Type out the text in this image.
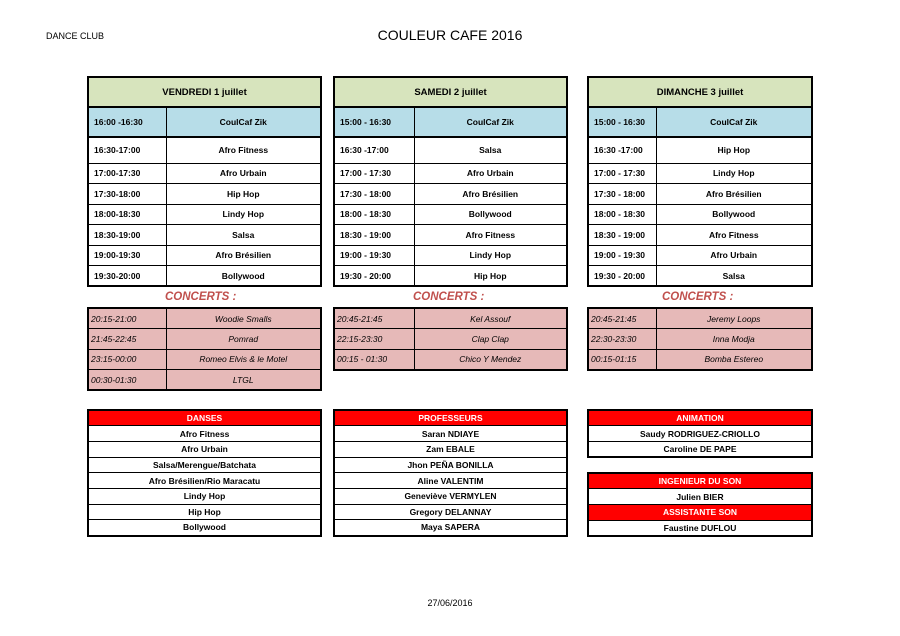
DANCE CLUB	COULEUR CAFE 2016
VENDREDI 1 juillet	
16:00 -16:30	CoulCaf Zik
16:30-17:00	Afro Fitness
17:00-17:30	Afro Urbain
17:30-18:00	Hip Hop
18:00-18:30	Lindy Hop
18:30-19:00	Salsa
19:00-19:30	Afro Brésilien
19:30-20:00	Bollywood
CONCERTS :
20:15-21:00	Woodie Smalls
21:45-22:45	Pomrad
23:15-00:00	Romeo Elvis & le Motel
00:30-01:30	LTGL
SAMEDI 2 juillet	
15:00 - 16:30	CoulCaf Zik
16:30 -17:00	Salsa
17:00 - 17:30	Afro Urbain
17:30 - 18:00	Afro Brésilien
18:00 - 18:30	Bollywood
18:30 - 19:00	Afro Fitness
19:00 - 19:30	Lindy Hop
19:30 - 20:00	Hip Hop
CONCERTS :
20:45-21:45	Kel Assouf
22:15-23:30	Clap Clap
00:15 - 01:30	Chico Y Mendez
DIMANCHE 3 juillet	
15:00 - 16:30	CoulCaf Zik
16:30 -17:00	Hip Hop
17:00 - 17:30	Lindy Hop
17:30 - 18:00	Afro Brésilien
18:00 - 18:30	Bollywood
18:30 - 19:00	Afro Fitness
19:00 - 19:30	Afro Urbain
19:30 - 20:00	Salsa
CONCERTS :
20:45-21:45	Jeremy Loops
22:30-23:30	Inna Modja
00:15-01:15	Bomba Estereo
DANSES
Afro Fitness
Afro Urbain
Salsa/Merengue/Batchata
Afro Brésilien/Rio Maracatu
Lindy Hop
Hip Hop
Bollywood
PROFESSEURS
Saran NDIAYE
Zam EBALE
Jhon PEÑA BONILLA
Aline VALENTIM
Geneviève VERMYLEN
Gregory DELANNAY
Maya SAPERA
ANIMATION
Saudy RODRIGUEZ-CRIOLLO
Caroline DE PAPE
INGENIEUR DU SON
Julien BIER
ASSISTANTE SON
Faustine DUFLOU
27/06/2016
